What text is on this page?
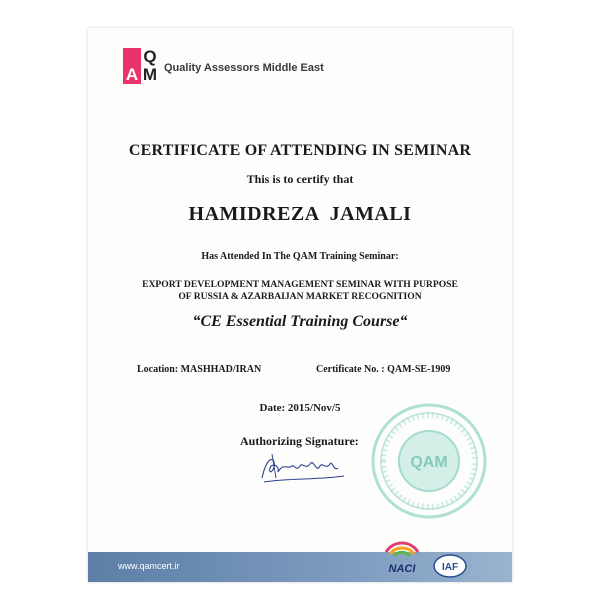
Q
A M Quality Assessors Middle East
CERTIFICATE OF ATTENDING IN SEMINAR
This is to certify that
HAMIDREZA  JAMALI
Has Attended In The QAM Training Seminar:
EXPORT DEVELOPMENT MANAGEMENT SEMINAR WITH PURPOSE
OF RUSSIA & AZARBAIJAN MARKET RECOGNITION
“CE Essential Training Course“
Location: MASHHAD/IRAN	Certificate No. : QAM-SE-1909
Date: 2015/Nov/5
Authorizing Signature:
QAM
www.qamcert.ir	NACI	IAF
